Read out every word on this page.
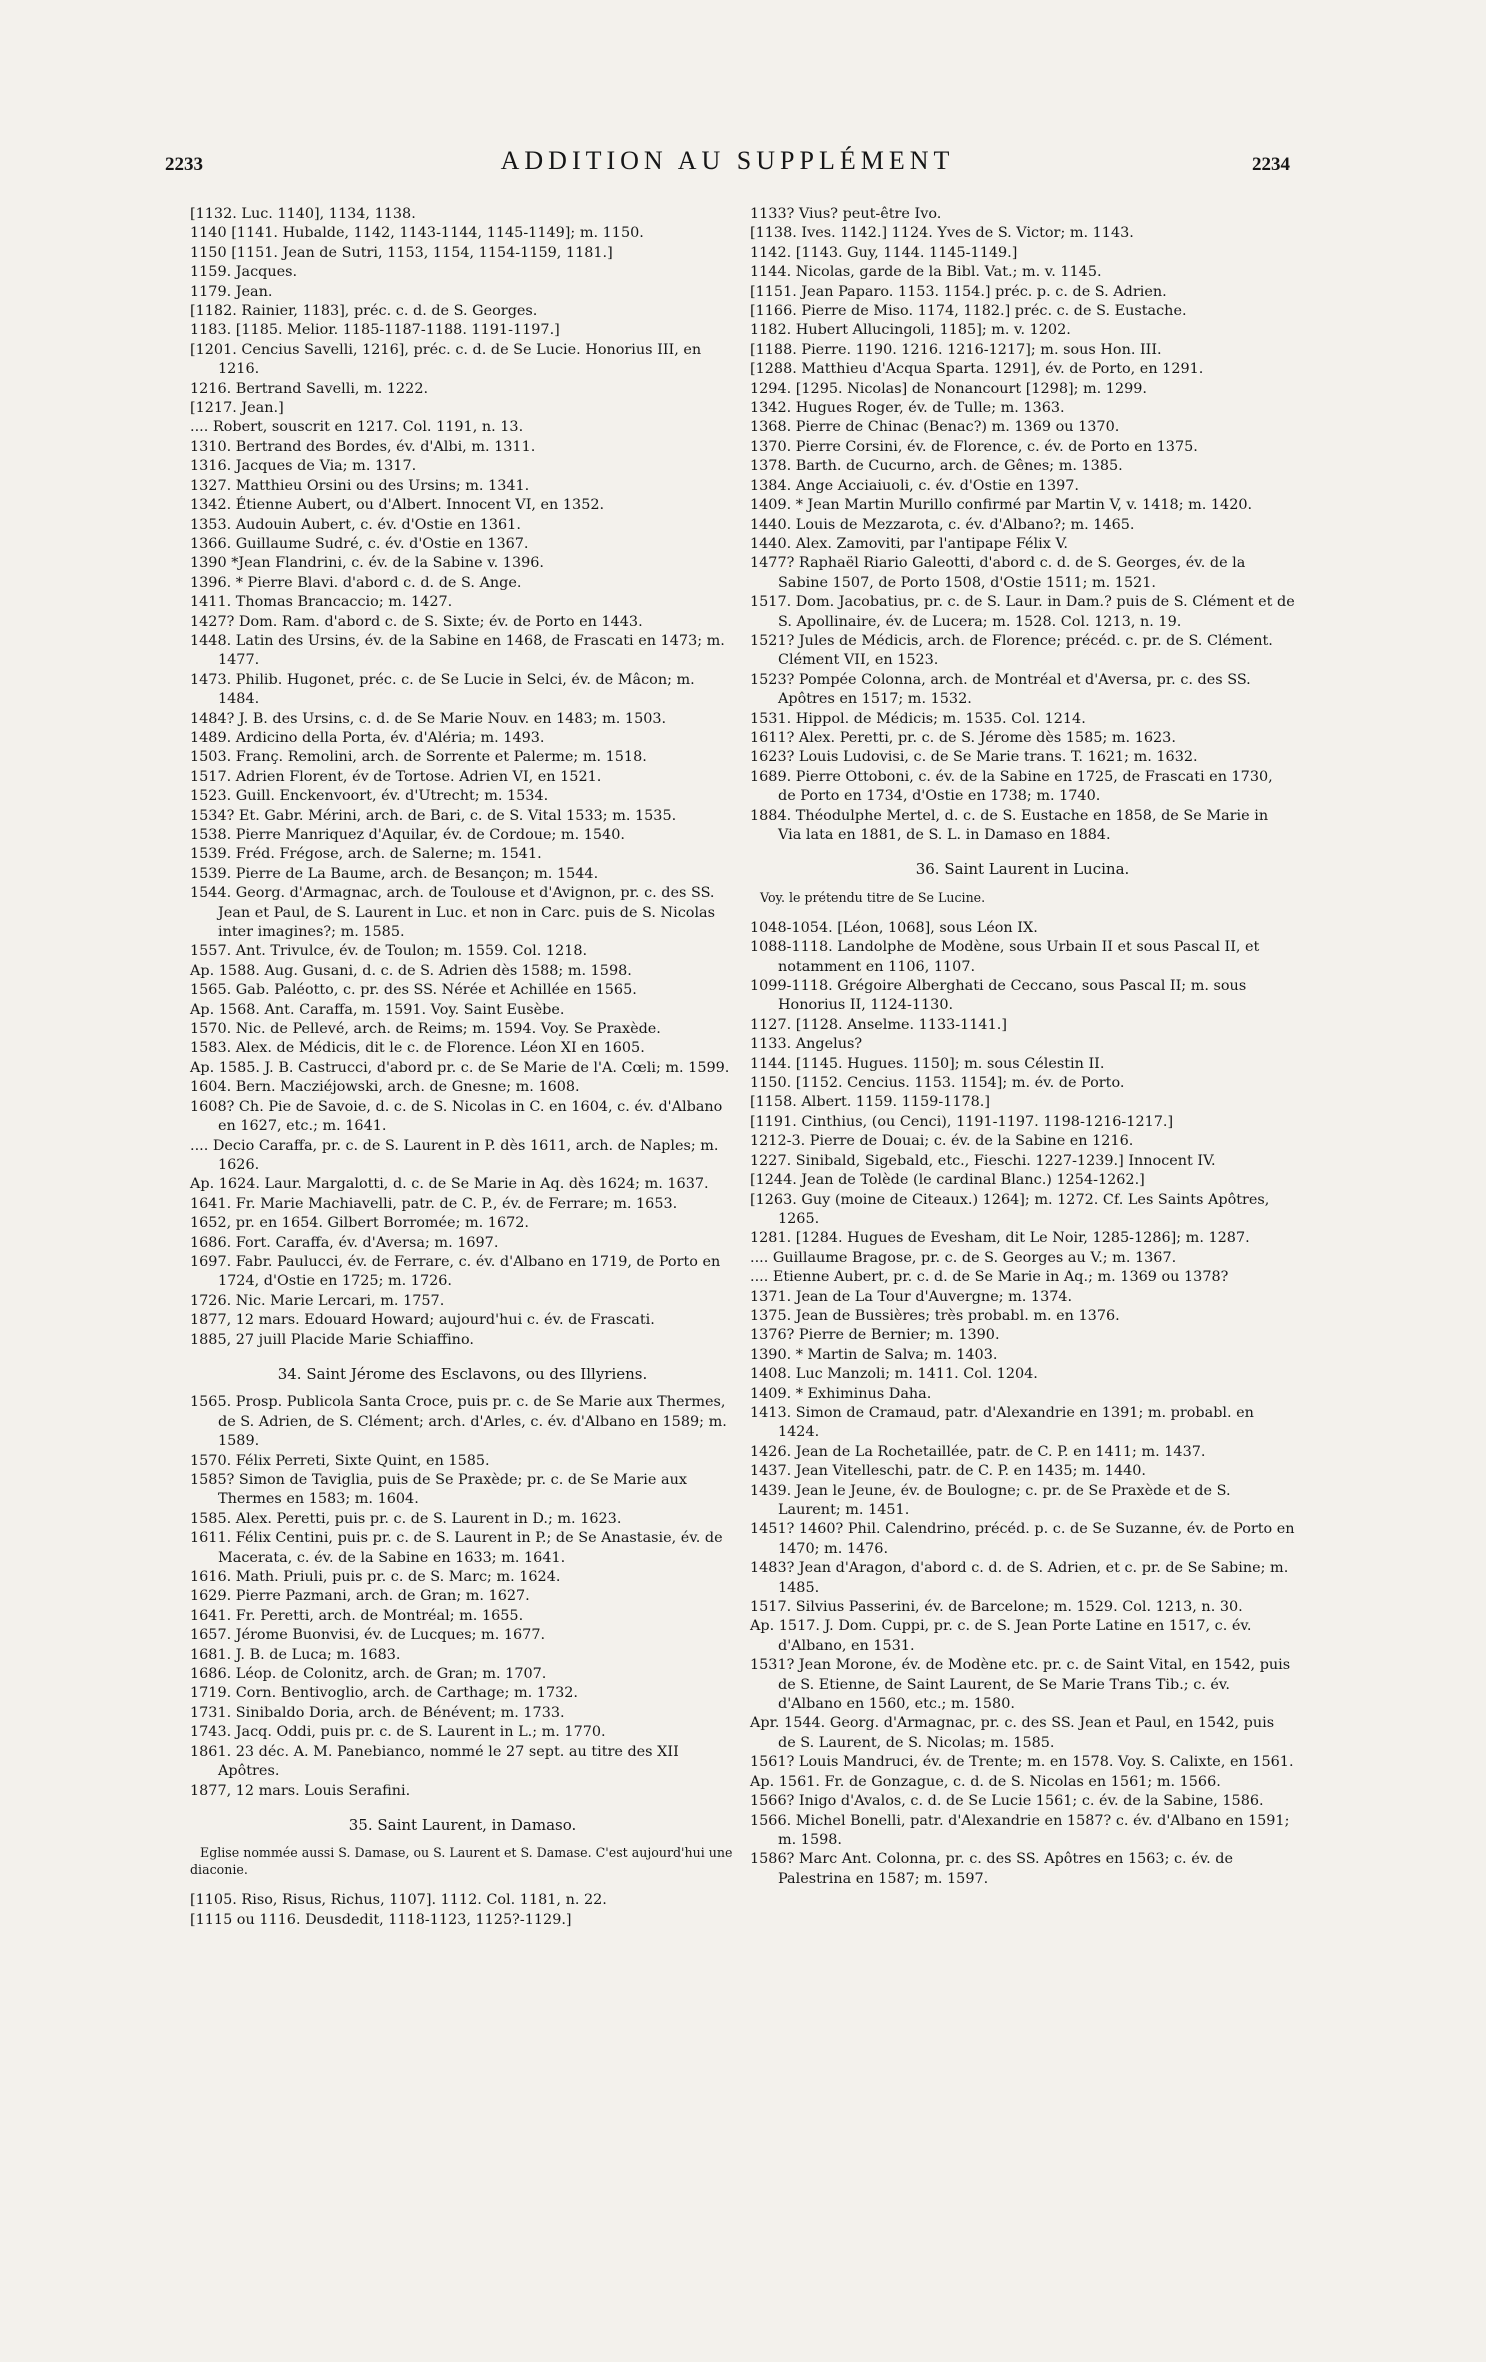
2233	ADDITION AU SUPPLÉMENT	2234

[1132. Luc. 1140], 1134, 1138.

1140 [1141. Hubalde, 1142, 1143-1144, 1145-1149]; m. 1150.

1150 [1151. Jean de Sutri, 1153, 1154, 1154-1159, 1181.]

1159. Jacques.

1179. Jean.

[1182. Rainier, 1183], préc. c. d. de S. Georges.

1183. [1185. Melior. 1185-1187-1188. 1191-1197.]

[1201. Cencius Savelli, 1216], préc. c. d. de Se Lucie. Honorius III, en 1216.

1216. Bertrand Savelli, m. 1222.

[1217. Jean.]

.... Robert, souscrit en 1217. Col. 1191, n. 13.

1310. Bertrand des Bordes, év. d'Albi, m. 1311.

1316. Jacques de Via; m. 1317.

1327. Matthieu Orsini ou des Ursins; m. 1341.

1342. Étienne Aubert, ou d'Albert. Innocent VI, en 1352.

1353. Audouin Aubert, c. év. d'Ostie en 1361.

1366. Guillaume Sudré, c. év. d'Ostie en 1367.

1390 *Jean Flandrini, c. év. de la Sabine v. 1396.

1396. * Pierre Blavi. d'abord c. d. de S. Ange.

1411. Thomas Brancaccio; m. 1427.

1427? Dom. Ram. d'abord c. de S. Sixte; év. de Porto en 1443.

1448. Latin des Ursins, év. de la Sabine en 1468, de Frascati en 1473; m. 1477.

1473. Philib. Hugonet, préc. c. de Se Lucie in Selci, év. de Mâcon; m. 1484.

1484? J. B. des Ursins, c. d. de Se Marie Nouv. en 1483; m. 1503.

1489. Ardicino della Porta, év. d'Aléria; m. 1493.

1503. Franç. Remolini, arch. de Sorrente et Palerme; m. 1518.

1517. Adrien Florent, év de Tortose. Adrien VI, en 1521.

1523. Guill. Enckenvoort, év. d'Utrecht; m. 1534.

1534? Et. Gabr. Mérini, arch. de Bari, c. de S. Vital 1533; m. 1535.

1538. Pierre Manriquez d'Aquilar, év. de Cordoue; m. 1540.

1539. Fréd. Frégose, arch. de Salerne; m. 1541.

1539. Pierre de La Baume, arch. de Besançon; m. 1544.

1544. Georg. d'Armagnac, arch. de Toulouse et d'Avignon, pr. c. des SS. Jean et Paul, de S. Laurent in Luc. et non in Carc. puis de S. Nicolas inter imagines?; m. 1585.

1557. Ant. Trivulce, év. de Toulon; m. 1559. Col. 1218.

Ap. 1588. Aug. Gusani, d. c. de S. Adrien dès 1588; m. 1598.

1565. Gab. Paléotto, c. pr. des SS. Nérée et Achillée en 1565.

Ap. 1568. Ant. Caraffa, m. 1591. Voy. Saint Eusèbe.

1570. Nic. de Pellevé, arch. de Reims; m. 1594. Voy. Se Praxède.

1583. Alex. de Médicis, dit le c. de Florence. Léon XI en 1605.

Ap. 1585. J. B. Castrucci, d'abord pr. c. de Se Marie de l'A. Cœli; m. 1599.

1604. Bern. Macziéjowski, arch. de Gnesne; m. 1608.

1608? Ch. Pie de Savoie, d. c. de S. Nicolas in C. en 1604, c. év. d'Albano en 1627, etc.; m. 1641.

.... Decio Caraffa, pr. c. de S. Laurent in P. dès 1611, arch. de Naples; m. 1626.

Ap. 1624. Laur. Margalotti, d. c. de Se Marie in Aq. dès 1624; m. 1637.

1641. Fr. Marie Machiavelli, patr. de C. P., év. de Ferrare; m. 1653.

1652, pr. en 1654. Gilbert Borromée; m. 1672.

1686. Fort. Caraffa, év. d'Aversa; m. 1697.

1697. Fabr. Paulucci, év. de Ferrare, c. év. d'Albano en 1719, de Porto en 1724, d'Ostie en 1725; m. 1726.

1726. Nic. Marie Lercari, m. 1757.

1877, 12 mars. Edouard Howard; aujourd'hui c. év. de Frascati.

1885, 27 juill Placide Marie Schiaffino.

34. Saint Jérome des Esclavons, ou des Illyriens.

1565. Prosp. Publicola Santa Croce, puis pr. c. de Se Marie aux Thermes, de S. Adrien, de S. Clément; arch. d'Arles, c. év. d'Albano en 1589; m. 1589.

1570. Félix Perreti, Sixte Quint, en 1585.

1585? Simon de Taviglia, puis de Se Praxède; pr. c. de Se Marie aux Thermes en 1583; m. 1604.

1585. Alex. Peretti, puis pr. c. de S. Laurent in D.; m. 1623.

1611. Félix Centini, puis pr. c. de S. Laurent in P.; de Se Anastasie, év. de Macerata, c. év. de la Sabine en 1633; m. 1641.

1616. Math. Priuli, puis pr. c. de S. Marc; m. 1624.

1629. Pierre Pazmani, arch. de Gran; m. 1627.

1641. Fr. Peretti, arch. de Montréal; m. 1655.

1657. Jérome Buonvisi, év. de Lucques; m. 1677.

1681. J. B. de Luca; m. 1683.

1686. Léop. de Colonitz, arch. de Gran; m. 1707.

1719. Corn. Bentivoglio, arch. de Carthage; m. 1732.

1731. Sinibaldo Doria, arch. de Bénévent; m. 1733.

1743. Jacq. Oddi, puis pr. c. de S. Laurent in L.; m. 1770.

1861. 23 déc. A. M. Panebianco, nommé le 27 sept. au titre des XII Apôtres.

1877, 12 mars. Louis Serafini.

35. Saint Laurent, in Damaso.

Eglise nommée aussi S. Damase, ou S. Laurent et S. Damase. C'est aujourd'hui une diaconie.

[1105. Riso, Risus, Richus, 1107]. 1112. Col. 1181, n. 22.

[1115 ou 1116. Deusdedit, 1118-1123, 1125?-1129.]

1133? Vius? peut-être Ivo.

[1138. Ives. 1142.] 1124. Yves de S. Victor; m. 1143.

1142. [1143. Guy, 1144. 1145-1149.]

1144. Nicolas, garde de la Bibl. Vat.; m. v. 1145.

[1151. Jean Paparo. 1153. 1154.] préc. p. c. de S. Adrien.

[1166. Pierre de Miso. 1174, 1182.] préc. c. de S. Eustache.

1182. Hubert Allucingoli, 1185]; m. v. 1202.

[1188. Pierre. 1190. 1216. 1216-1217]; m. sous Hon. III.

[1288. Matthieu d'Acqua Sparta. 1291], év. de Porto, en 1291.

1294. [1295. Nicolas] de Nonancourt [1298]; m. 1299.

1342. Hugues Roger, év. de Tulle; m. 1363.

1368. Pierre de Chinac (Benac?) m. 1369 ou 1370.

1370. Pierre Corsini, év. de Florence, c. év. de Porto en 1375.

1378. Barth. de Cucurno, arch. de Gênes; m. 1385.

1384. Ange Acciaiuoli, c. év. d'Ostie en 1397.

1409. * Jean Martin Murillo confirmé par Martin V, v. 1418; m. 1420.

1440. Louis de Mezzarota, c. év. d'Albano?; m. 1465.

1440. Alex. Zamoviti, par l'antipape Félix V.

1477? Raphaël Riario Galeotti, d'abord c. d. de S. Georges, év. de la Sabine 1507, de Porto 1508, d'Ostie 1511; m. 1521.

1517. Dom. Jacobatius, pr. c. de S. Laur. in Dam.? puis de S. Clément et de S. Apollinaire, év. de Lucera; m. 1528. Col. 1213, n. 19.

1521? Jules de Médicis, arch. de Florence; précéd. c. pr. de S. Clément. Clément VII, en 1523.

1523? Pompée Colonna, arch. de Montréal et d'Aversa, pr. c. des SS. Apôtres en 1517; m. 1532.

1531. Hippol. de Médicis; m. 1535. Col. 1214.

1611? Alex. Peretti, pr. c. de S. Jérome dès 1585; m. 1623.

1623? Louis Ludovisi, c. de Se Marie trans. T. 1621; m. 1632.

1689. Pierre Ottoboni, c. év. de la Sabine en 1725, de Frascati en 1730, de Porto en 1734, d'Ostie en 1738; m. 1740.

1884. Théodulphe Mertel, d. c. de S. Eustache en 1858, de Se Marie in Via lata en 1881, de S. L. in Damaso en 1884.

36. Saint Laurent in Lucina.

Voy. le prétendu titre de Se Lucine.

1048-1054. [Léon, 1068], sous Léon IX.

1088-1118. Landolphe de Modène, sous Urbain II et sous Pascal II, et notamment en 1106, 1107.

1099-1118. Grégoire Alberghati de Ceccano, sous Pascal II; m. sous Honorius II, 1124-1130.

1127. [1128. Anselme. 1133-1141.]

1133. Angelus?

1144. [1145. Hugues. 1150]; m. sous Célestin II.

1150. [1152. Cencius. 1153. 1154]; m. év. de Porto.

[1158. Albert. 1159. 1159-1178.]

[1191. Cinthius, (ou Cenci), 1191-1197. 1198-1216-1217.]

1212-3. Pierre de Douai; c. év. de la Sabine en 1216.

1227. Sinibald, Sigebald, etc., Fieschi. 1227-1239.] Innocent IV.

[1244. Jean de Tolède (le cardinal Blanc.) 1254-1262.]

[1263. Guy (moine de Citeaux.) 1264]; m. 1272. Cf. Les Saints Apôtres, 1265.

1281. [1284. Hugues de Evesham, dit Le Noir, 1285-1286]; m. 1287.

.... Guillaume Bragose, pr. c. de S. Georges au V.; m. 1367.

.... Etienne Aubert, pr. c. d. de Se Marie in Aq.; m. 1369 ou 1378?

1371. Jean de La Tour d'Auvergne; m. 1374.

1375. Jean de Bussières; très probabl. m. en 1376.

1376? Pierre de Bernier; m. 1390.

1390. * Martin de Salva; m. 1403.

1408. Luc Manzoli; m. 1411. Col. 1204.

1409. * Exhiminus Daha.

1413. Simon de Cramaud, patr. d'Alexandrie en 1391; m. probabl. en 1424.

1426. Jean de La Rochetaillée, patr. de C. P. en 1411; m. 1437.

1437. Jean Vitelleschi, patr. de C. P. en 1435; m. 1440.

1439. Jean le Jeune, év. de Boulogne; c. pr. de Se Praxède et de S. Laurent; m. 1451.

1451? 1460? Phil. Calendrino, précéd. p. c. de Se Suzanne, év. de Porto en 1470; m. 1476.

1483? Jean d'Aragon, d'abord c. d. de S. Adrien, et c. pr. de Se Sabine; m. 1485.

1517. Silvius Passerini, év. de Barcelone; m. 1529. Col. 1213, n. 30.

Ap. 1517. J. Dom. Cuppi, pr. c. de S. Jean Porte Latine en 1517, c. év. d'Albano, en 1531.

1531? Jean Morone, év. de Modène etc. pr. c. de Saint Vital, en 1542, puis de S. Etienne, de Saint Laurent, de Se Marie Trans Tib.; c. év. d'Albano en 1560, etc.; m. 1580.

Apr. 1544. Georg. d'Armagnac, pr. c. des SS. Jean et Paul, en 1542, puis de S. Laurent, de S. Nicolas; m. 1585.

1561? Louis Mandruci, év. de Trente; m. en 1578. Voy. S. Calixte, en 1561.

Ap. 1561. Fr. de Gonzague, c. d. de S. Nicolas en 1561; m. 1566.

1566? Inigo d'Avalos, c. d. de Se Lucie 1561; c. év. de la Sabine, 1586.

1566. Michel Bonelli, patr. d'Alexandrie en 1587? c. év. d'Albano en 1591; m. 1598.

1586? Marc Ant. Colonna, pr. c. des SS. Apôtres en 1563; c. év. de Palestrina en 1587; m. 1597.
